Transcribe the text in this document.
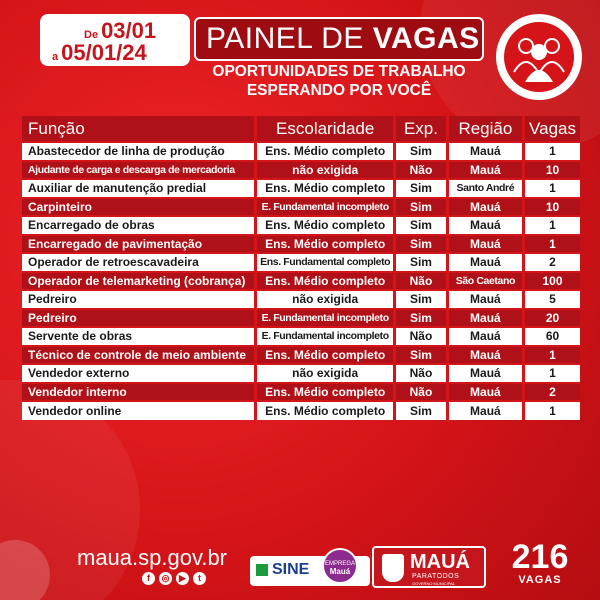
De 03/01
a 05/01/24	PAINEL DE VAGAS
OPORTUNIDADES DE TRABALHO
ESPERANDO POR VOCÊ
Função	Escolaridade	Exp.	Região	Vagas
Abastecedor de linha de produção	Ens. Médio completo	Sim	Mauá	1
Ajudante de carga e descarga de mercadoria	não exigida	Não	Mauá	10
Auxiliar de manutenção predial	Ens. Médio completo	Sim	Santo André	1
Carpinteiro	E. Fundamental incompleto	Sim	Mauá	10
Encarregado de obras	Ens. Médio completo	Sim	Mauá	1
Encarregado de pavimentação	Ens. Médio completo	Sim	Mauá	1
Operador de retroescavadeira	Ens. Fundamental completo	Sim	Mauá	2
Operador de telemarketing (cobrança)	Ens. Médio completo	Não	São Caetano	100
Pedreiro	não exigida	Sim	Mauá	5
Pedreiro	E. Fundamental incompleto	Sim	Mauá	20
Servente de obras	E. Fundamental incompleto	Não	Mauá	60
Técnico de controle de meio ambiente	Ens. Médio completo	Sim	Mauá	1
Vendedor externo	não exigida	Não	Mauá	1
Vendedor interno	Ens. Médio completo	Não	Mauá	2
Vendedor online	Ens. Médio completo	Sim	Mauá	1
maua.sp.gov.br
f	◎	▶	t	SINE	EMPREGA
Mauá	MAUÁ
PARATODOS
GOVERNO MUNICIPAL
216
VAGAS
